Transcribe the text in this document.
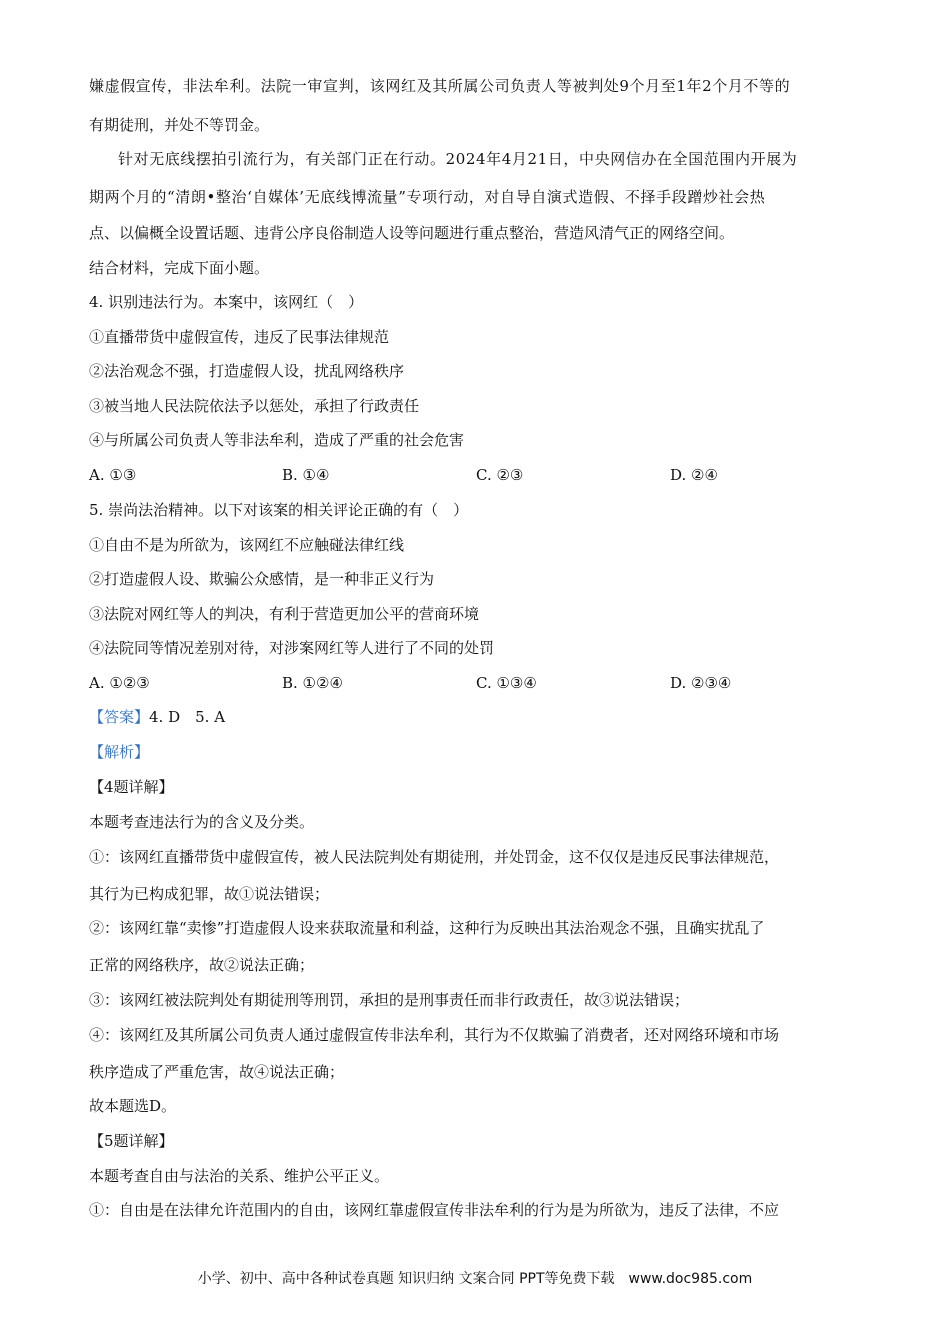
嫌虚假宣传，非法牟利。法院一审宣判，该网红及其所属公司负责人等被判处9个月至1年2个月不等的
有期徒刑，并处不等罚金。
针对无底线摆拍引流行为，有关部门正在行动。2024年4月21日，中央网信办在全国范围内开展为
期两个月的“清朗•整治‘自媒体’无底线博流量”专项行动，对自导自演式造假、不择手段蹭炒社会热
点、以偏概全设置话题、违背公序良俗制造人设等问题进行重点整治，营造风清气正的网络空间。
结合材料，完成下面小题。
4. 识别违法行为。本案中，该网红（　）
①直播带货中虚假宣传，违反了民事法律规范
②法治观念不强，打造虚假人设，扰乱网络秩序
③被当地人民法院依法予以惩处，承担了行政责任
④与所属公司负责人等非法牟利，造成了严重的社会危害
A. ①③	B. ①④	C. ②③	D. ②④
5. 崇尚法治精神。以下对该案的相关评论正确的有（　）
①自由不是为所欲为，该网红不应触碰法律红线
②打造虚假人设、欺骗公众感情，是一种非正义行为
③法院对网红等人的判决，有利于营造更加公平的营商环境
④法院同等情况差别对待，对涉案网红等人进行了不同的处罚
A. ①②③	B. ①②④	C. ①③④	D. ②③④
【答案】4. D　5. A
【解析】
【4题详解】
本题考查违法行为的含义及分类。
①：该网红直播带货中虚假宣传，被人民法院判处有期徒刑，并处罚金，这不仅仅是违反民事法律规范，
其行为已构成犯罪，故①说法错误；
②：该网红靠“卖惨”打造虚假人设来获取流量和利益，这种行为反映出其法治观念不强，且确实扰乱了
正常的网络秩序，故②说法正确；
③：该网红被法院判处有期徒刑等刑罚，承担的是刑事责任而非行政责任，故③说法错误；
④：该网红及其所属公司负责人通过虚假宣传非法牟利，其行为不仅欺骗了消费者，还对网络环境和市场
秩序造成了严重危害，故④说法正确；
故本题选D。
【5题详解】
本题考查自由与法治的关系、维护公平正义。
①：自由是在法律允许范围内的自由，该网红靠虚假宣传非法牟利的行为是为所欲为，违反了法律，不应
小学、初中、高中各种试卷真题 知识归纳 文案合同 PPT等免费下载　www.doc985.com
